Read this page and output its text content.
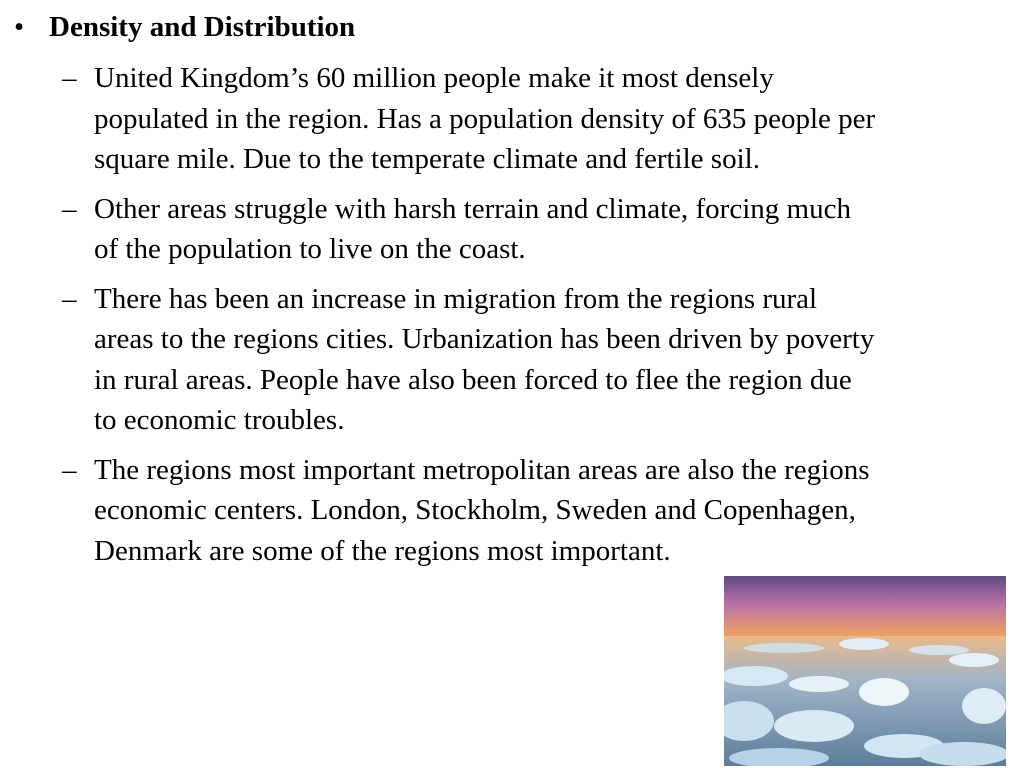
• Density and Distribution
– United Kingdom’s 60 million people make it most densely
populated in the region. Has a population density of 635 people per
square mile. Due to the temperate climate and fertile soil.
– Other areas struggle with harsh terrain and climate, forcing much
of the population to live on the coast.
– There has been an increase in migration from the regions rural
areas to the regions cities. Urbanization has been driven by poverty
in rural areas. People have also been forced to flee the region due
to economic troubles.
– The regions most important metropolitan areas are also the regions
economic centers. London, Stockholm, Sweden and Copenhagen,
Denmark are some of the regions most important.
